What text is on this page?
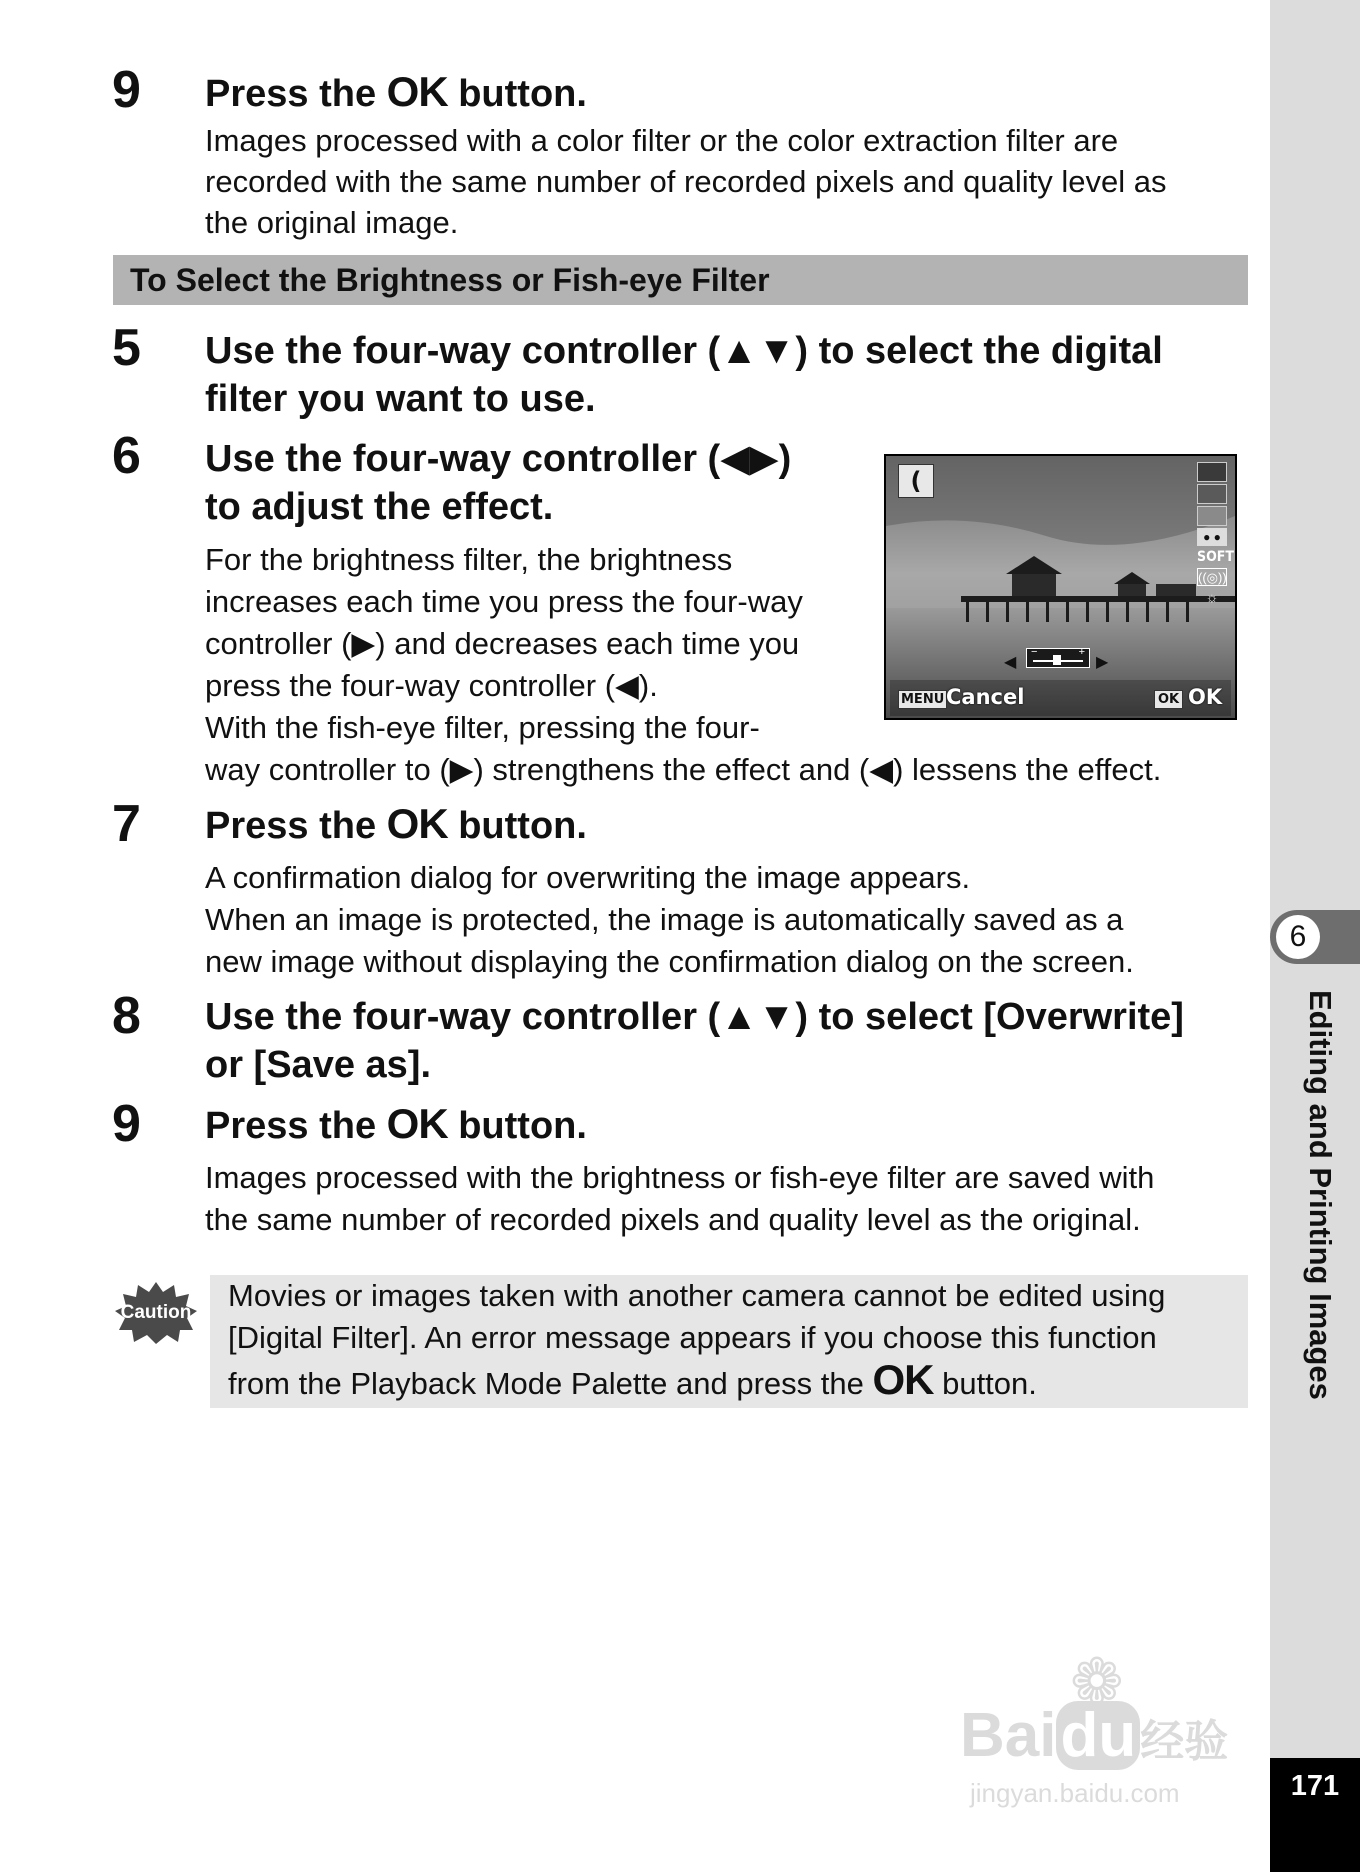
6
Editing and Printing Images
171
9 Press the OK button.
Images processed with a color filter or the color extraction filter are
recorded with the same number of recorded pixels and quality level as
the original image.
To Select the Brightness or Fish-eye Filter
5 Use the four-way controller (▲▼) to select the digital
filter you want to use.
6 Use the four-way controller (◀▶)
to adjust the effect.
For the brightness filter, the brightness
increases each time you press the four-way
controller (▶) and decreases each time you
press the four-way controller (◀).
With the fish-eye filter, pressing the four-
way controller to (▶) strengthens the effect and (◀) lessens the effect.
(
● ●
SOFT
((◎))
☼
◀
−	+
▶
MENU Cancel	OK OK
7 Press the OK button.
A confirmation dialog for overwriting the image appears.
When an image is protected, the image is automatically saved as a
new image without displaying the confirmation dialog on the screen.
8 Use the four-way controller (▲▼) to select [Overwrite]
or [Save as].
9 Press the OK button.
Images processed with the brightness or fish-eye filter are saved with
the same number of recorded pixels and quality level as the original.
Caution Movies or images taken with another camera cannot be edited using
[Digital Filter]. An error message appears if you choose this function
from the Playback Mode Palette and press the OK button.
❁
Baidu经验
jingyan.baidu.com
